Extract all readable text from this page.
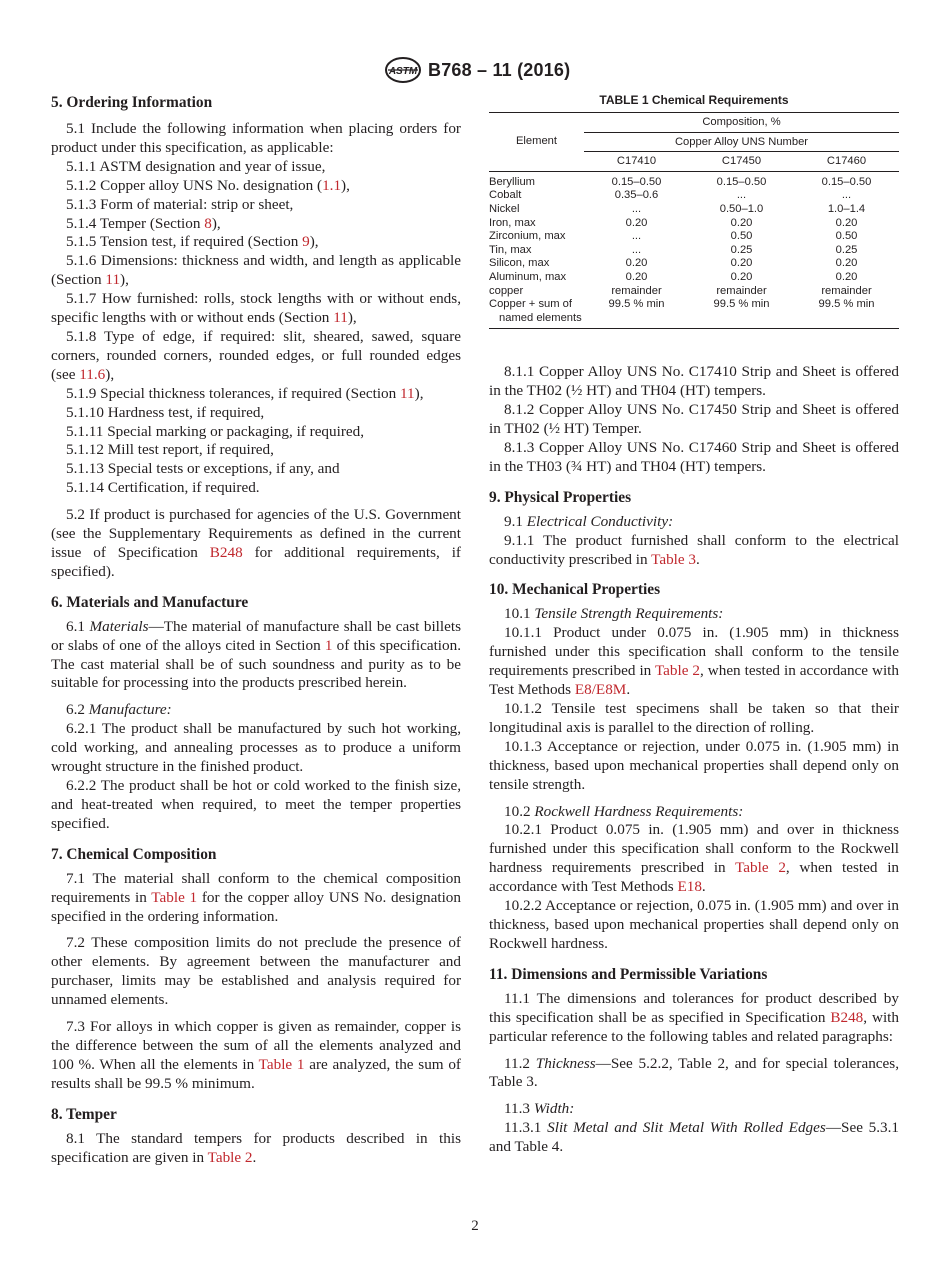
ASTM B768 – 11 (2016)
5. Ordering Information

5.1 Include the following information when placing orders for product under this specification, as applicable:

5.1.1 ASTM designation and year of issue,

5.1.2 Copper alloy UNS No. designation (1.1),

5.1.3 Form of material: strip or sheet,

5.1.4 Temper (Section 8),

5.1.5 Tension test, if required (Section 9),

5.1.6 Dimensions: thickness and width, and length as applicable (Section 11),

5.1.7 How furnished: rolls, stock lengths with or without ends, specific lengths with or without ends (Section 11),

5.1.8 Type of edge, if required: slit, sheared, sawed, square corners, rounded corners, rounded edges, or full rounded edges (see 11.6),

5.1.9 Special thickness tolerances, if required (Section 11),

5.1.10 Hardness test, if required,

5.1.11 Special marking or packaging, if required,

5.1.12 Mill test report, if required,

5.1.13 Special tests or exceptions, if any, and

5.1.14 Certification, if required.

5.2 If product is purchased for agencies of the U.S. Government (see the Supplementary Requirements as defined in the current issue of Specification B248 for additional requirements, if specified).

6. Materials and Manufacture

6.1 Materials—The material of manufacture shall be cast billets or slabs of one of the alloys cited in Section 1 of this specification. The cast material shall be of such soundness and purity as to be suitable for processing into the products prescribed herein.

6.2 Manufacture:

6.2.1 The product shall be manufactured by such hot working, cold working, and annealing processes as to produce a uniform wrought structure in the finished product.

6.2.2 The product shall be hot or cold worked to the finish size, and heat-treated when required, to meet the temper properties specified.

7. Chemical Composition

7.1 The material shall conform to the chemical composition requirements in Table 1 for the copper alloy UNS No. designation specified in the ordering information.

7.2 These composition limits do not preclude the presence of other elements. By agreement between the manufacturer and purchaser, limits may be established and analysis required for unnamed elements.

7.3 For alloys in which copper is given as remainder, copper is the difference between the sum of all the elements analyzed and 100 %. When all the elements in Table 1 are analyzed, the sum of results shall be 99.5 % minimum.

8. Temper

8.1 The standard tempers for products described in this specification are given in Table 2.

TABLE 1 Chemical Requirements
Element	Composition, %		
	Copper Alloy UNS Number		
	C17410	C17450	C17460
Beryllium	0.15–0.50	0.15–0.50	0.15–0.50
Cobalt	0.35–0.6	...	...
Nickel	...	0.50–1.0	1.0–1.4
Iron, max	0.20	0.20	0.20
Zirconium, max	...	0.50	0.50
Tin, max	...	0.25	0.25
Silicon, max	0.20	0.20	0.20
Aluminum, max	0.20	0.20	0.20
copper	remainder	remainder	remainder
Copper + sum of
named elements	99.5 % min	99.5 % min	99.5 % min

8.1.1 Copper Alloy UNS No. C17410 Strip and Sheet is offered in the TH02 (½ HT) and TH04 (HT) tempers.

8.1.2 Copper Alloy UNS No. C17450 Strip and Sheet is offered in TH02 (½ HT) Temper.

8.1.3 Copper Alloy UNS No. C17460 Strip and Sheet is offered in the TH03 (¾ HT) and TH04 (HT) tempers.

9. Physical Properties

9.1 Electrical Conductivity:

9.1.1 The product furnished shall conform to the electrical conductivity prescribed in Table 3.

10. Mechanical Properties

10.1 Tensile Strength Requirements:

10.1.1 Product under 0.075 in. (1.905 mm) in thickness furnished under this specification shall conform to the tensile requirements prescribed in Table 2, when tested in accordance with Test Methods E8/E8M.

10.1.2 Tensile test specimens shall be taken so that their longitudinal axis is parallel to the direction of rolling.

10.1.3 Acceptance or rejection, under 0.075 in. (1.905 mm) in thickness, based upon mechanical properties shall depend only on tensile strength.

10.2 Rockwell Hardness Requirements:

10.2.1 Product 0.075 in. (1.905 mm) and over in thickness furnished under this specification shall conform to the Rockwell hardness requirements prescribed in Table 2, when tested in accordance with Test Methods E18.

10.2.2 Acceptance or rejection, 0.075 in. (1.905 mm) and over in thickness, based upon mechanical properties shall depend only on Rockwell hardness.

11. Dimensions and Permissible Variations

11.1 The dimensions and tolerances for product described by this specification shall be as specified in Specification B248, with particular reference to the following tables and related paragraphs:

11.2 Thickness—See 5.2.2, Table 2, and for special tolerances, Table 3.

11.3 Width:

11.3.1 Slit Metal and Slit Metal With Rolled Edges—See 5.3.1 and Table 4.

2
